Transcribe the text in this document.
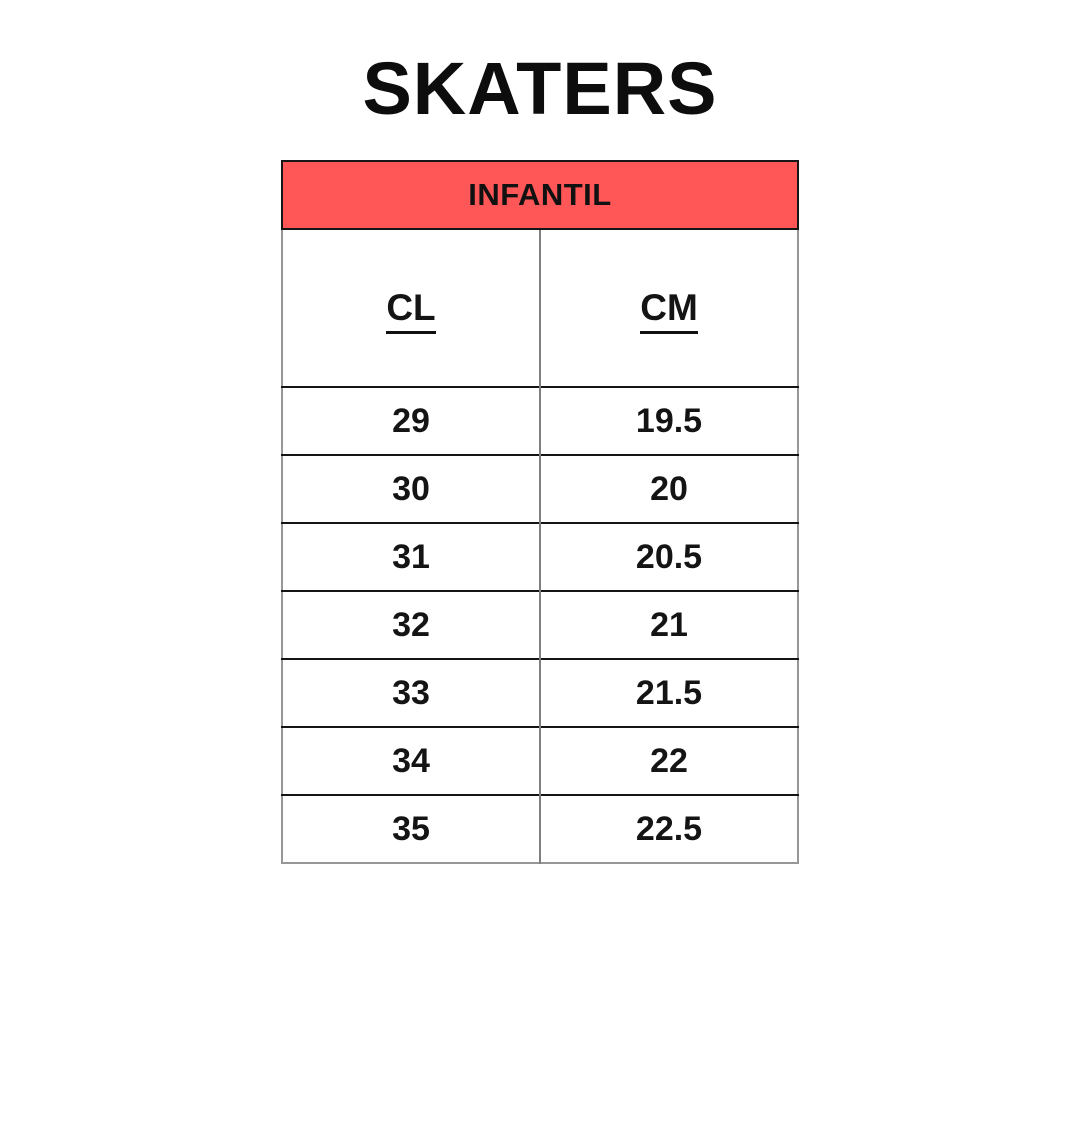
SKATERS
INFANTIL
CL	CM
29	19.5
30	20
31	20.5
32	21
33	21.5
34	22
35	22.5
